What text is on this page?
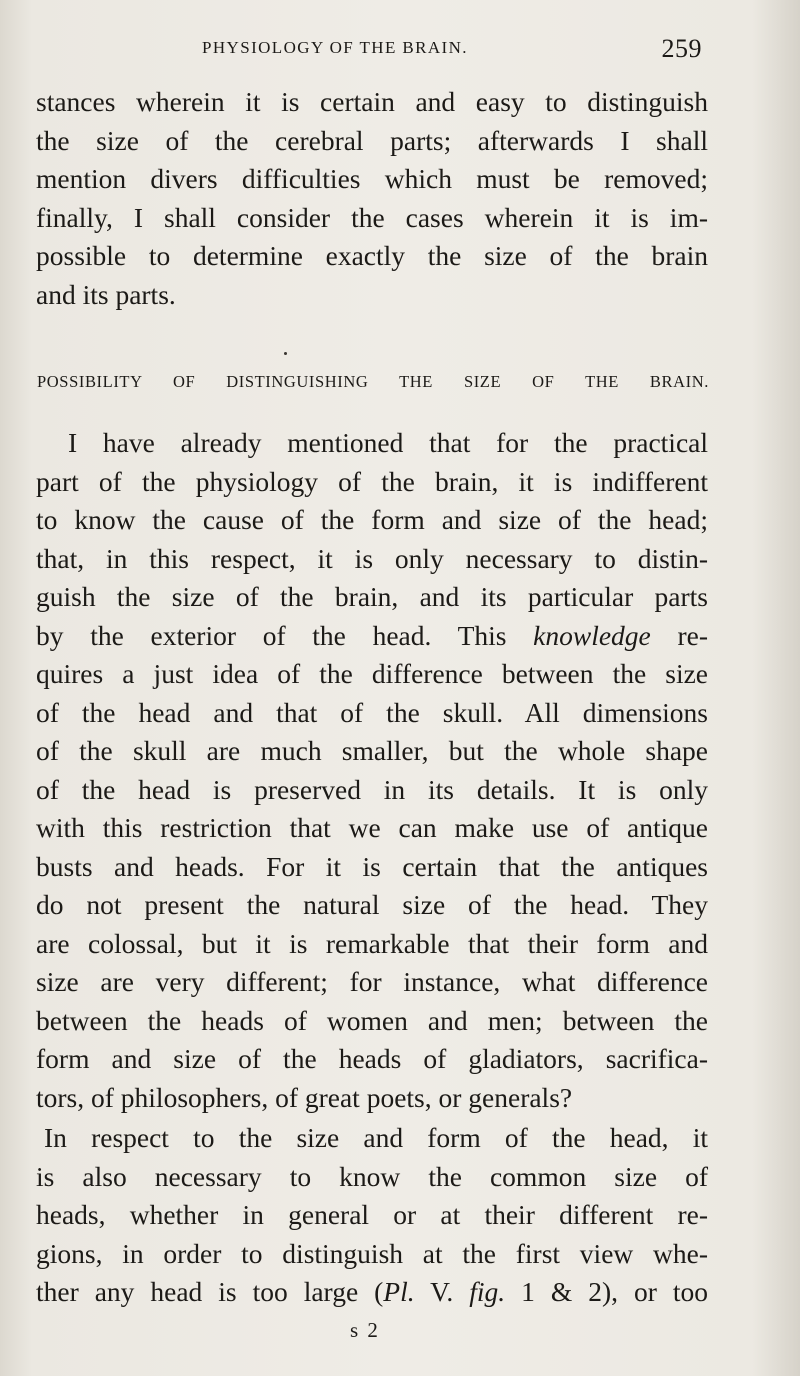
PHYSIOLOGY OF THE BRAIN.	259
stances wherein it is certain and easy to distinguish
the size of the cerebral parts; afterwards I shall
mention divers difficulties which must be removed;
finally, I shall consider the cases wherein it is im-
possible to determine exactly the size of the brain
and its parts.
POSSIBILITY OF DISTINGUISHING THE SIZE OF THE BRAIN.
I have already mentioned that for the practical
part of the physiology of the brain, it is indifferent
to know the cause of the form and size of the head;
that, in this respect, it is only necessary to distin-
guish the size of the brain, and its particular parts
by the exterior of the head. This knowledge re-
quires a just idea of the difference between the size
of the head and that of the skull. All dimensions
of the skull are much smaller, but the whole shape
of the head is preserved in its details. It is only
with this restriction that we can make use of antique
busts and heads. For it is certain that the antiques
do not present the natural size of the head. They
are colossal, but it is remarkable that their form and
size are very different; for instance, what difference
between the heads of women and men; between the
form and size of the heads of gladiators, sacrifica-
tors, of philosophers, of great poets, or generals?
In respect to the size and form of the head, it
is also necessary to know the common size of
heads, whether in general or at their different re-
gions, in order to distinguish at the first view whe-
ther any head is too large (Pl. V. fig. 1 & 2), or too
s 2
